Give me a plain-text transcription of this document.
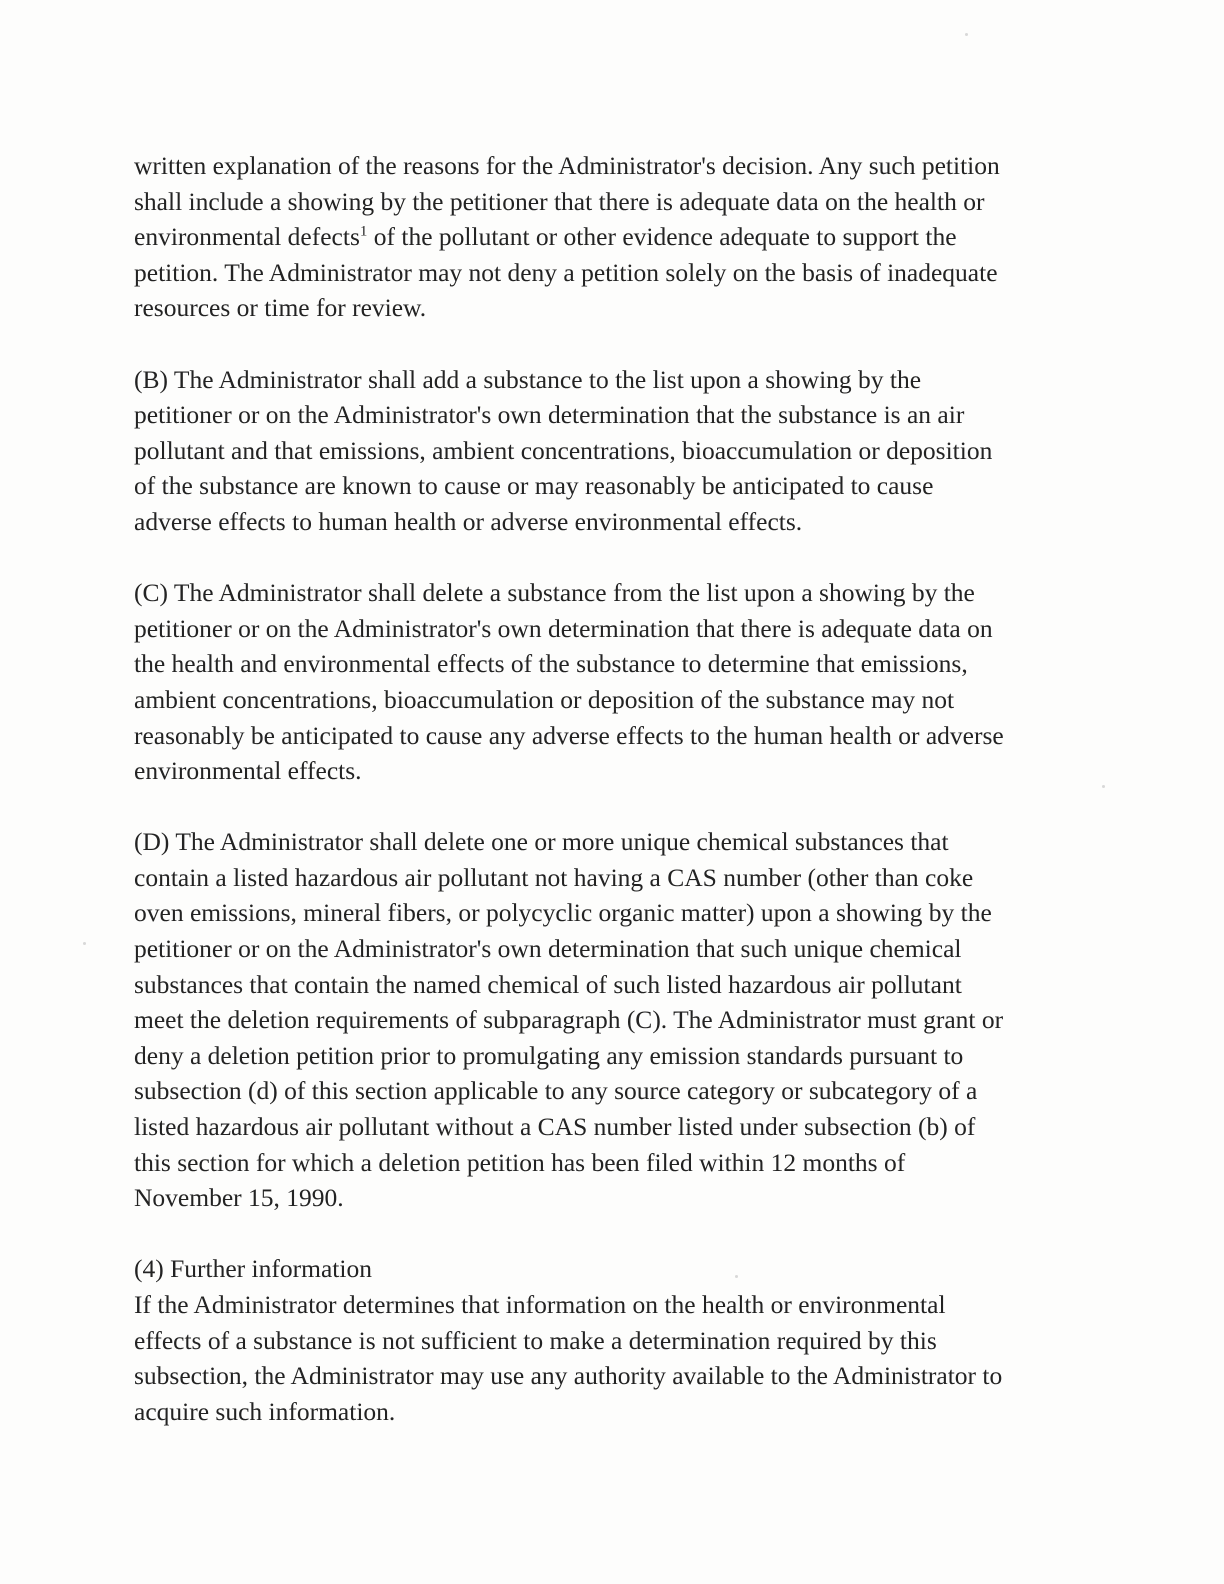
written explanation of the reasons for the Administrator's decision. Any such petition
shall include a showing by the petitioner that there is adequate data on the health or
environmental defects$^1$ of the pollutant or other evidence adequate to support the
petition. The Administrator may not deny a petition solely on the basis of inadequate
resources or time for review.

(B) The Administrator shall add a substance to the list upon a showing by the
petitioner or on the Administrator's own determination that the substance is an air
pollutant and that emissions, ambient concentrations, bioaccumulation or deposition
of the substance are known to cause or may reasonably be anticipated to cause
adverse effects to human health or adverse environmental effects.

(C) The Administrator shall delete a substance from the list upon a showing by the
petitioner or on the Administrator's own determination that there is adequate data on
the health and environmental effects of the substance to determine that emissions,
ambient concentrations, bioaccumulation or deposition of the substance may not
reasonably be anticipated to cause any adverse effects to the human health or adverse
environmental effects.

(D) The Administrator shall delete one or more unique chemical substances that
contain a listed hazardous air pollutant not having a CAS number (other than coke
oven emissions, mineral fibers, or polycyclic organic matter) upon a showing by the
petitioner or on the Administrator's own determination that such unique chemical
substances that contain the named chemical of such listed hazardous air pollutant
meet the deletion requirements of subparagraph (C). The Administrator must grant or
deny a deletion petition prior to promulgating any emission standards pursuant to
subsection (d) of this section applicable to any source category or subcategory of a
listed hazardous air pollutant without a CAS number listed under subsection (b) of
this section for which a deletion petition has been filed within 12 months of
November 15, 1990.

(4) Further information
If the Administrator determines that information on the health or environmental
effects of a substance is not sufficient to make a determination required by this
subsection, the Administrator may use any authority available to the Administrator to
acquire such information.
